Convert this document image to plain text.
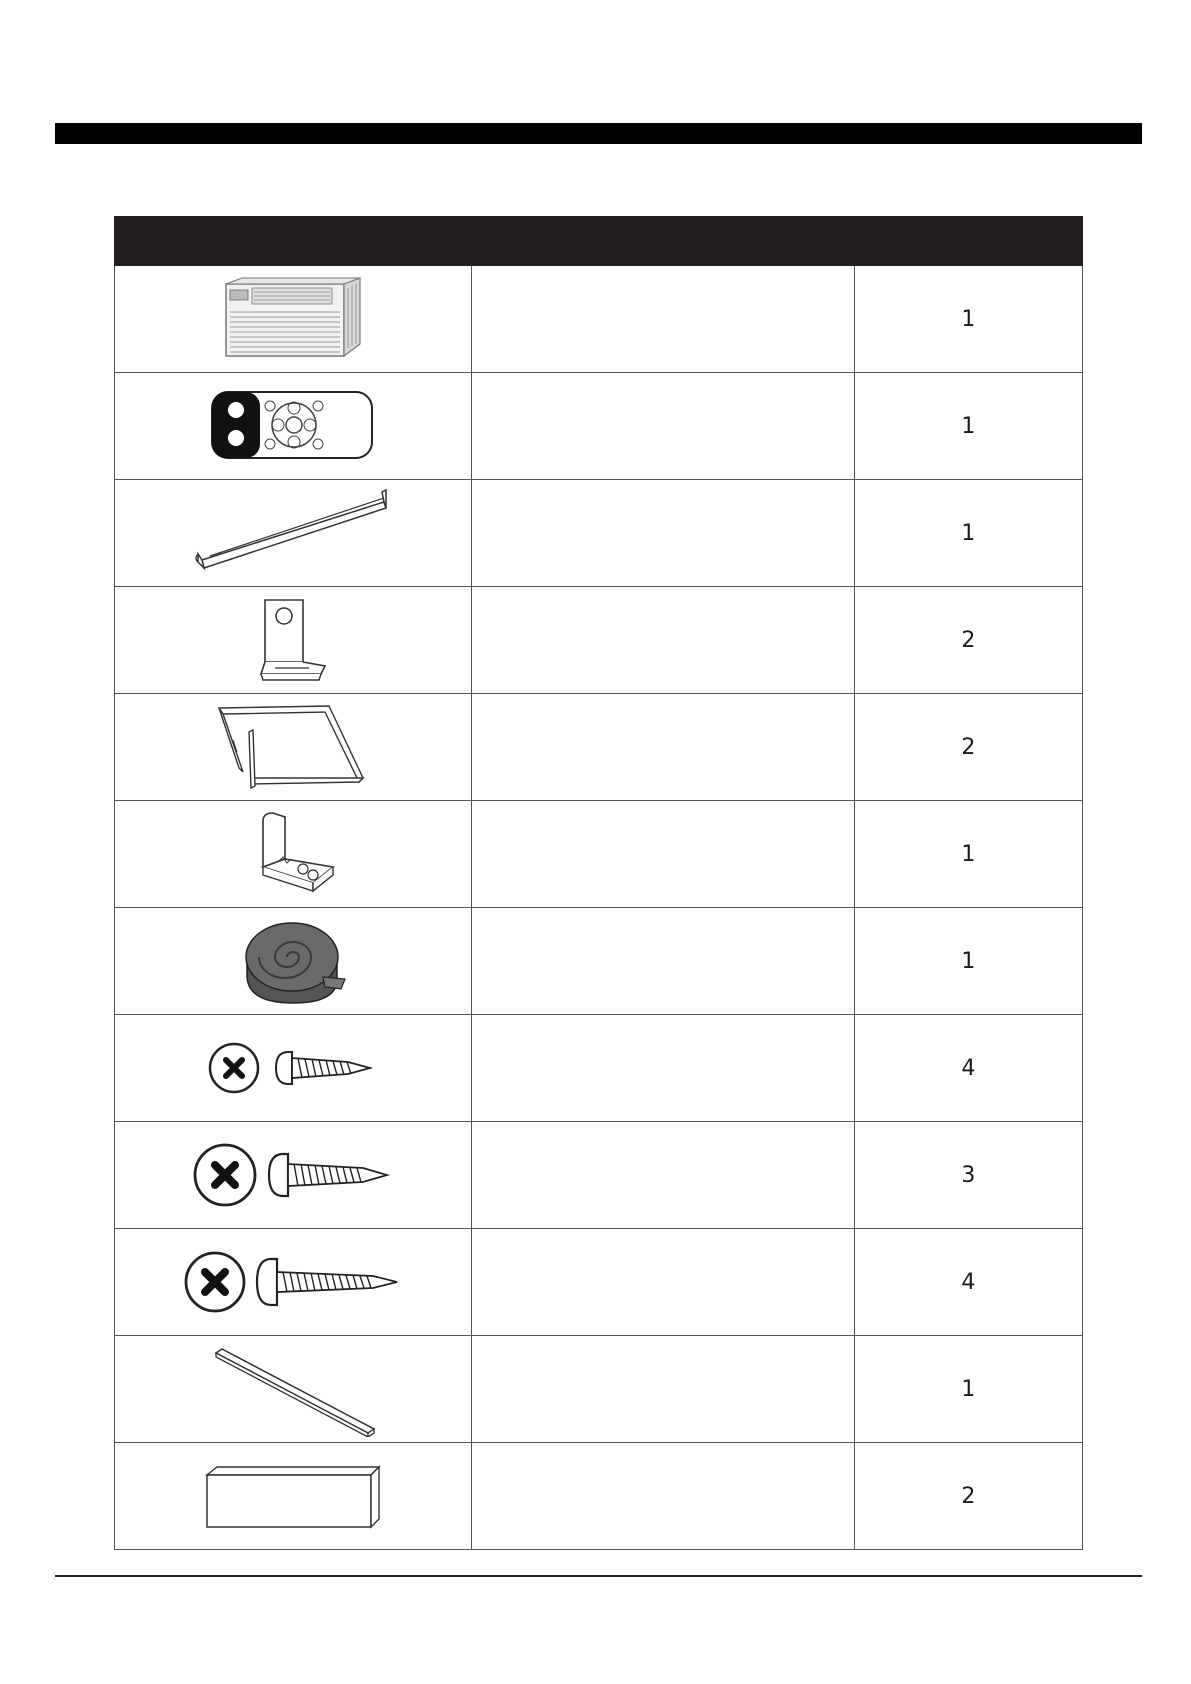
		1

		1

		1

		2

		2

		1

		1

		4

		3

		4

		1

		2
